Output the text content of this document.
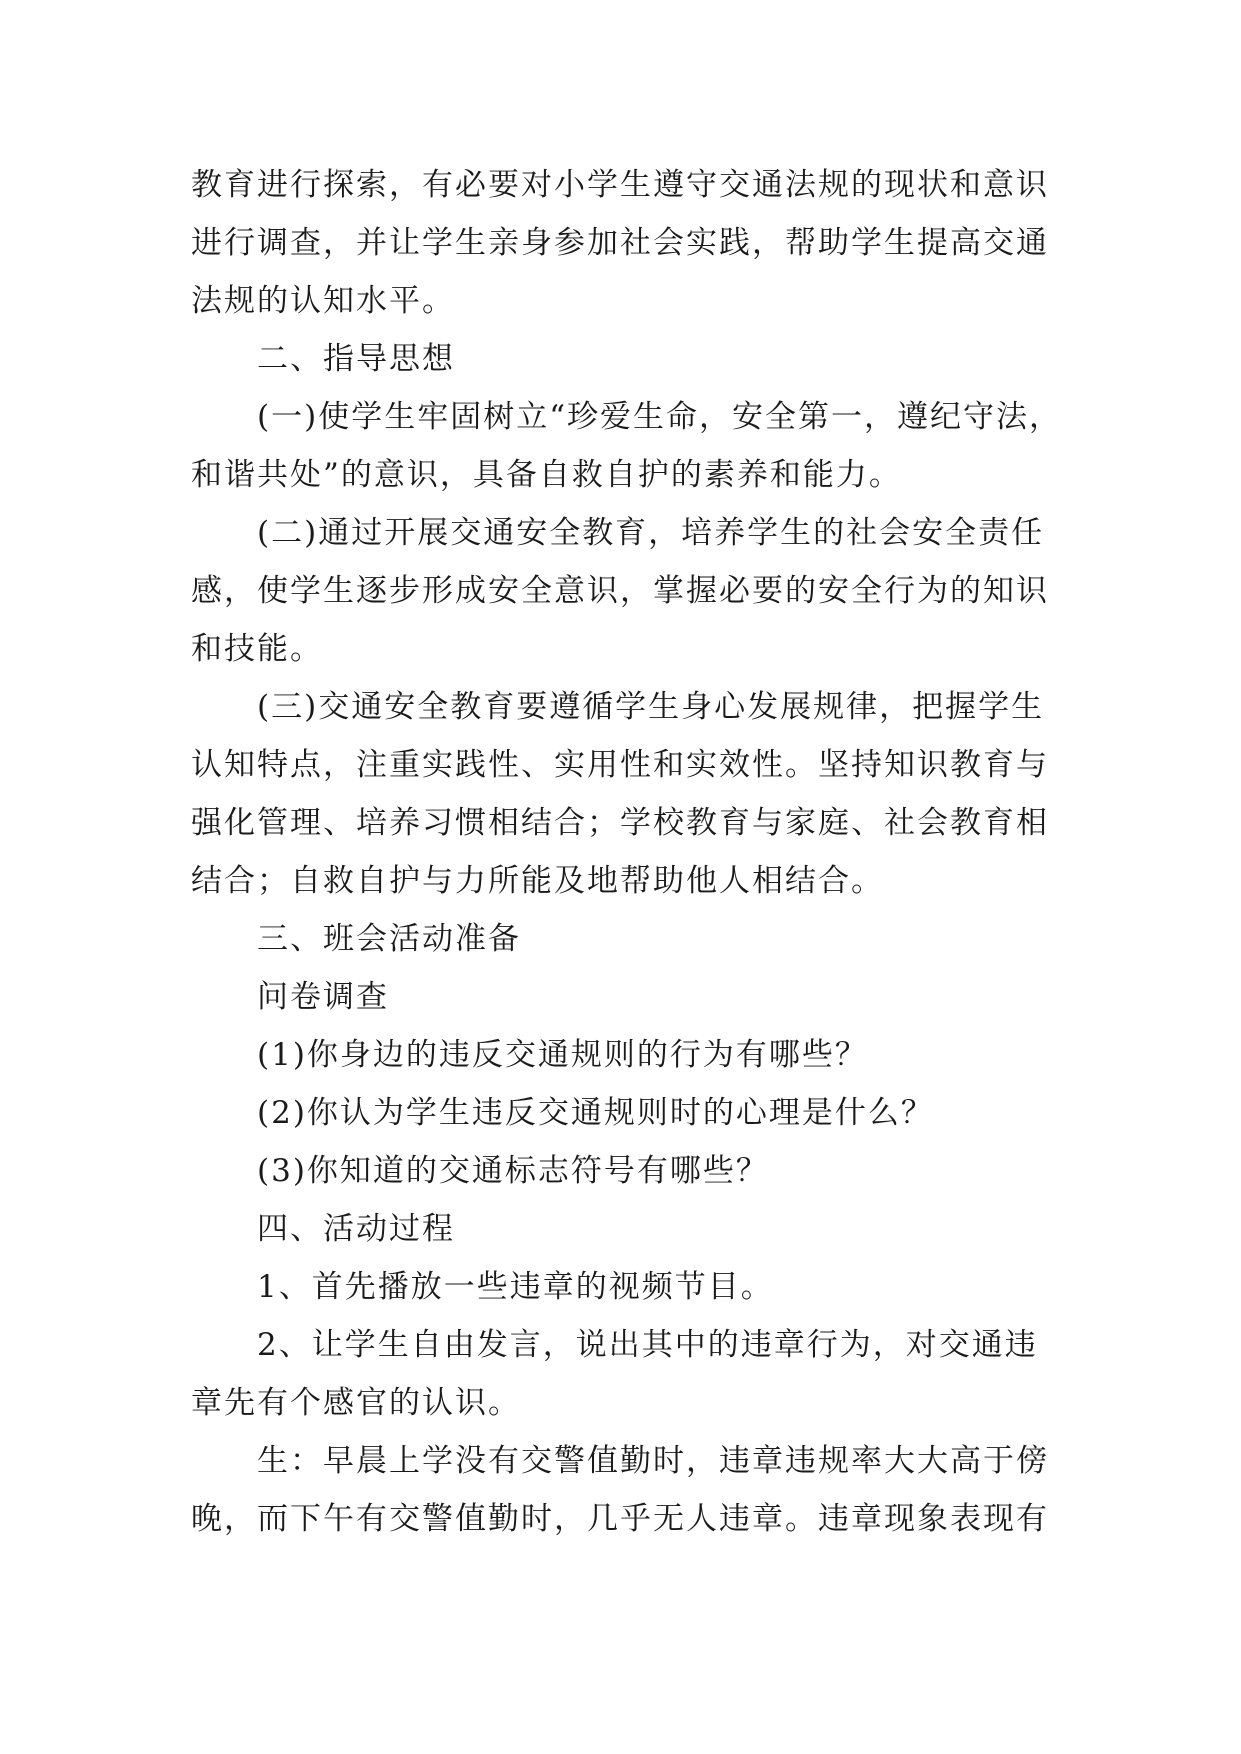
教育进行探索，有必要对小学生遵守交通法规的现状和意识
进行调查，并让学生亲身参加社会实践，帮助学生提高交通
法规的认知水平。
二、指导思想
(一)使学生牢固树立“珍爱生命，安全第一，遵纪守法，
和谐共处”的意识，具备自救自护的素养和能力。
(二)通过开展交通安全教育，培养学生的社会安全责任
感，使学生逐步形成安全意识，掌握必要的安全行为的知识
和技能。
(三)交通安全教育要遵循学生身心发展规律，把握学生
认知特点，注重实践性、实用性和实效性。坚持知识教育与
强化管理、培养习惯相结合；学校教育与家庭、社会教育相
结合；自救自护与力所能及地帮助他人相结合。
三、班会活动准备
问卷调查
(1)你身边的违反交通规则的行为有哪些？
(2)你认为学生违反交通规则时的心理是什么？
(3)你知道的交通标志符号有哪些？
四、活动过程
1、首先播放一些违章的视频节目。
2、让学生自由发言，说出其中的违章行为，对交通违
章先有个感官的认识。
生：早晨上学没有交警值勤时，违章违规率大大高于傍
晚，而下午有交警值勤时，几乎无人违章。违章现象表现有
